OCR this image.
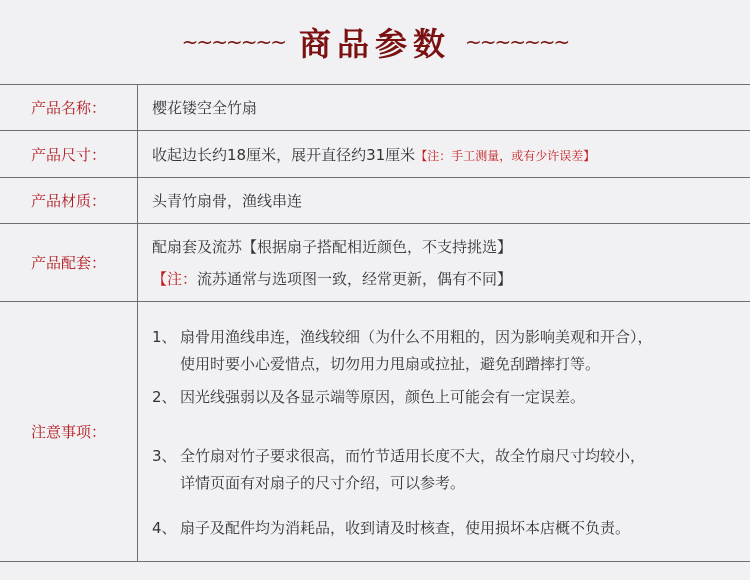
~~~~~~~ 商品参数 ~~~~~~~
产品名称：	樱花镂空全竹扇
产品尺寸：	收起边长约18厘米，展开直径约31厘米【注：手工测量，或有少许误差】
产品材质：	头青竹扇骨，渔线串连
产品配套：
配扇套及流苏【根据扇子搭配相近颜色，不支持挑选】
【注：流苏通常与选项图一致，经常更新，偶有不同】
注意事项：
1、 扇骨用渔线串连，渔线较细（为什么不用粗的，因为影响美观和开合），
使用时要小心爱惜点，切勿用力甩扇或拉扯，避免刮蹭摔打等。
2、 因光线强弱以及各显示端等原因，颜色上可能会有一定误差。
3、 全竹扇对竹子要求很高，而竹节适用长度不大，故全竹扇尺寸均较小，
详情页面有对扇子的尺寸介绍，可以参考。
4、 扇子及配件均为消耗品，收到请及时核查，使用损坏本店概不负责。
